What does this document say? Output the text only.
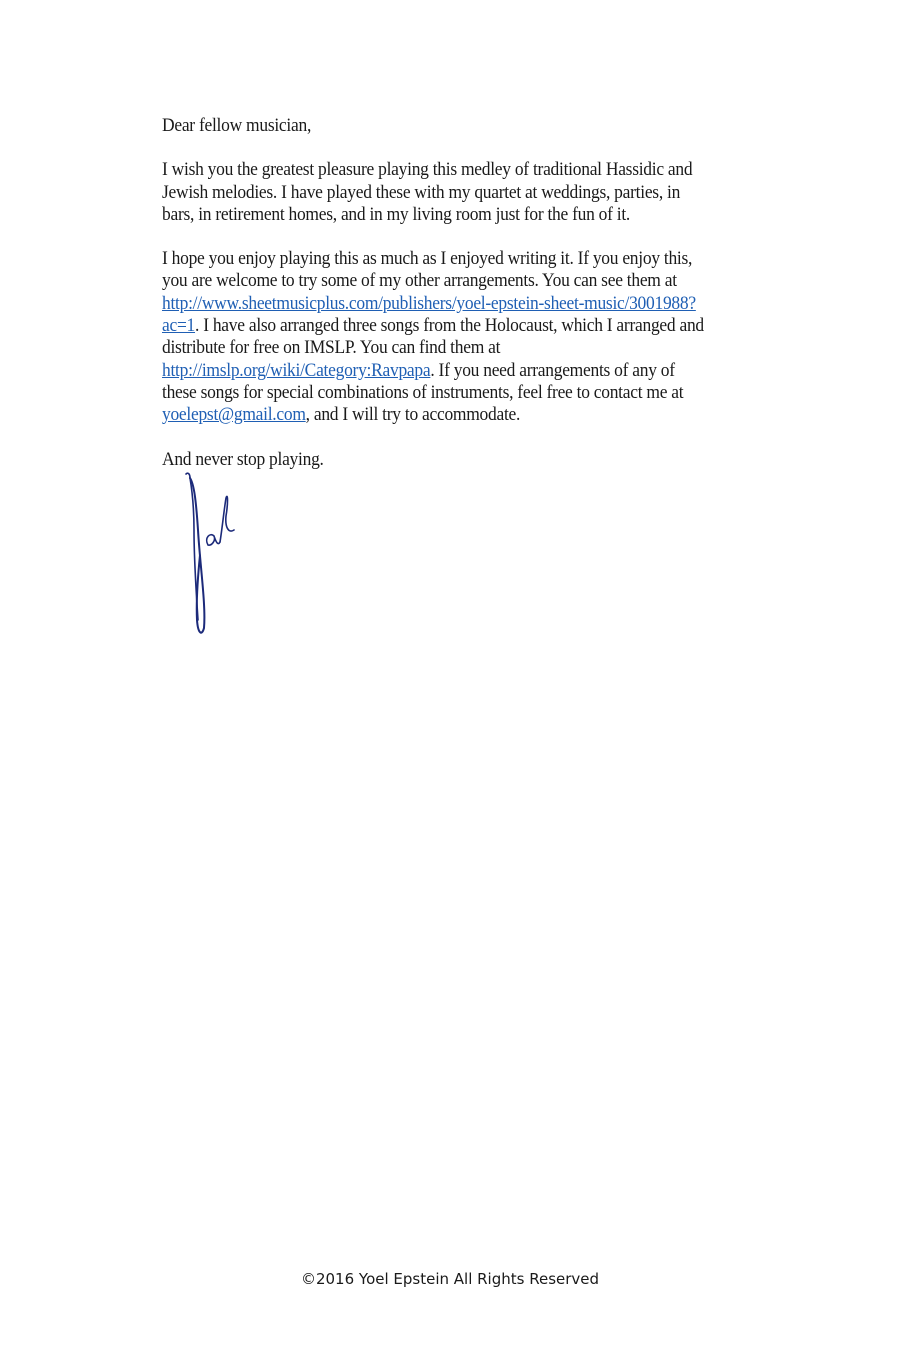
Dear fellow musician,

I wish you the greatest pleasure playing this medley of traditional Hassidic and Jewish melodies. I have played these with my quartet at weddings, parties, in bars, in retirement homes, and in my living room just for the fun of it.

I hope you enjoy playing this as much as I enjoyed writing it. If you enjoy this, you are welcome to try some of my other arrangements. You can see them at http://www.sheetmusicplus.com/publishers/yoel-epstein-sheet-music/3001988?ac=1. I have also arranged three songs from the Holocaust, which I arranged and distribute for free on IMSLP. You can find them at http://imslp.org/wiki/Category:Ravpapa. If you need arrangements of any of these songs for special combinations of instruments, feel free to contact me at yoelepst@gmail.com, and I will try to accommodate.

And never stop playing.

©2016 Yoel Epstein All Rights Reserved
